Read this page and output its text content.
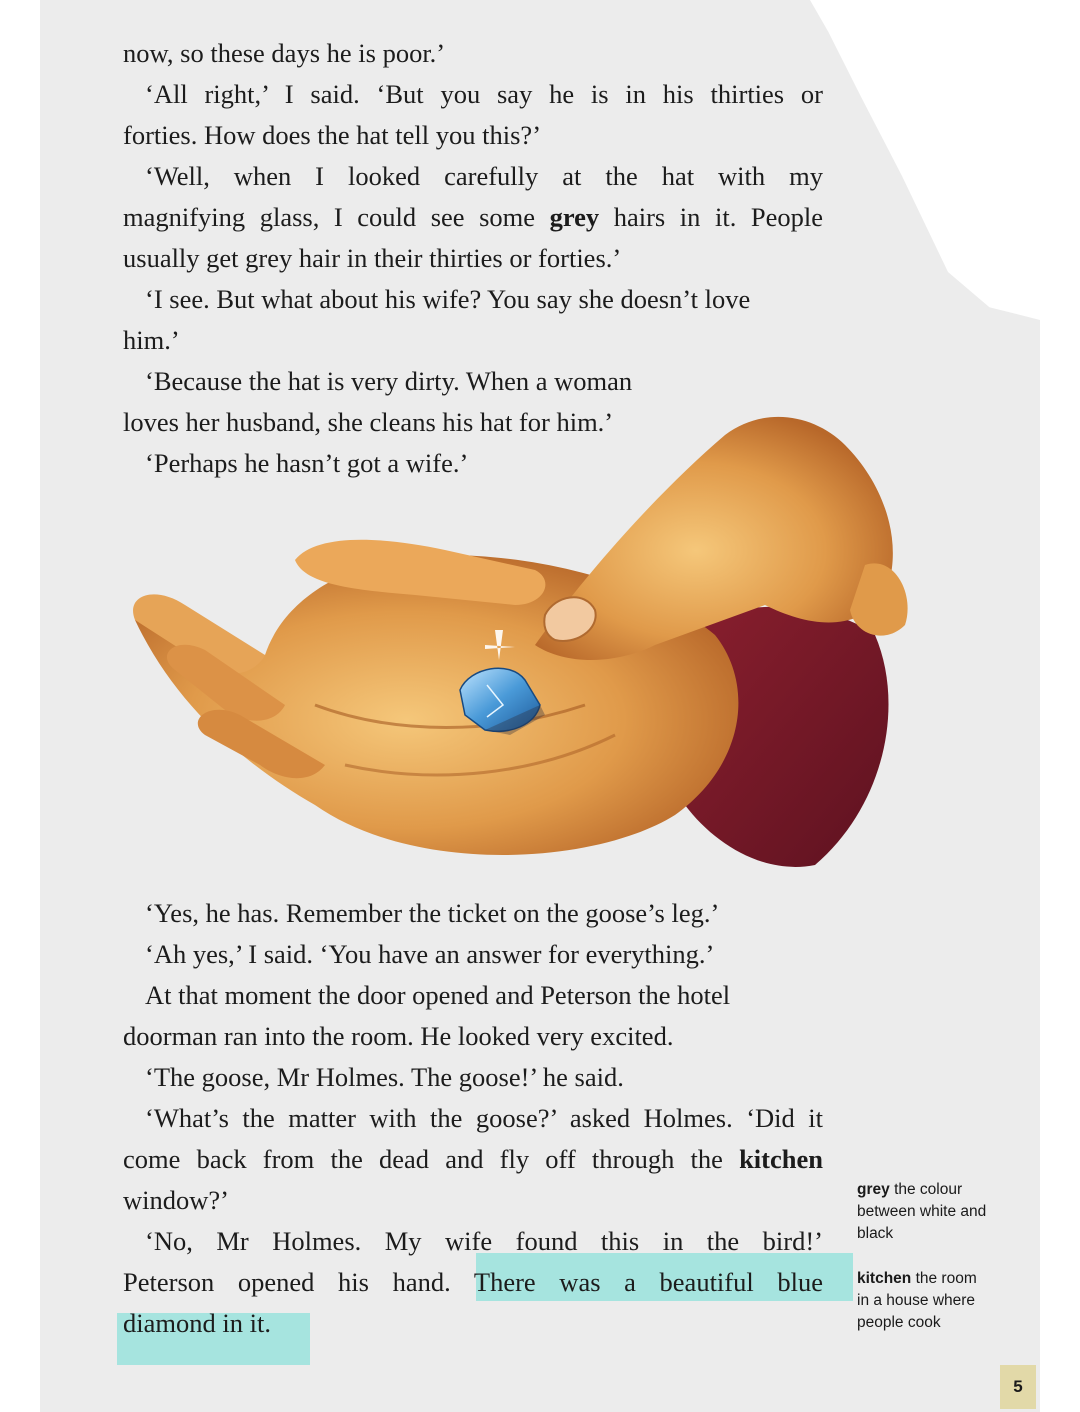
now, so these days he is poor.’
‘All right,’ I said. ‘But you say he is in his thirties or
forties. How does the hat tell you this?’
‘Well, when I looked carefully at the hat with my
magnifying glass, I could see some grey hairs in it. People
usually get grey hair in their thirties or forties.’
‘I see. But what about his wife? You say she doesn’t love
him.’
‘Because the hat is very dirty. When a woman
loves her husband, she cleans his hat for him.’
‘Perhaps he hasn’t got a wife.’
‘Yes, he has. Remember the ticket on the goose’s leg.’
‘Ah yes,’ I said. ‘You have an answer for everything.’
At that moment the door opened and Peterson the hotel
doorman ran into the room. He looked very excited.
‘The goose, Mr Holmes. The goose!’ he said.
‘What’s the matter with the goose?’ asked Holmes. ‘Did it
come back from the dead and fly off through the kitchen
window?’
‘No, Mr Holmes. My wife found this in the bird!’
Peterson opened his hand. There was a beautiful blue
diamond in it.
grey the colour
between white and
black
kitchen the room
in a house where
people cook
5
